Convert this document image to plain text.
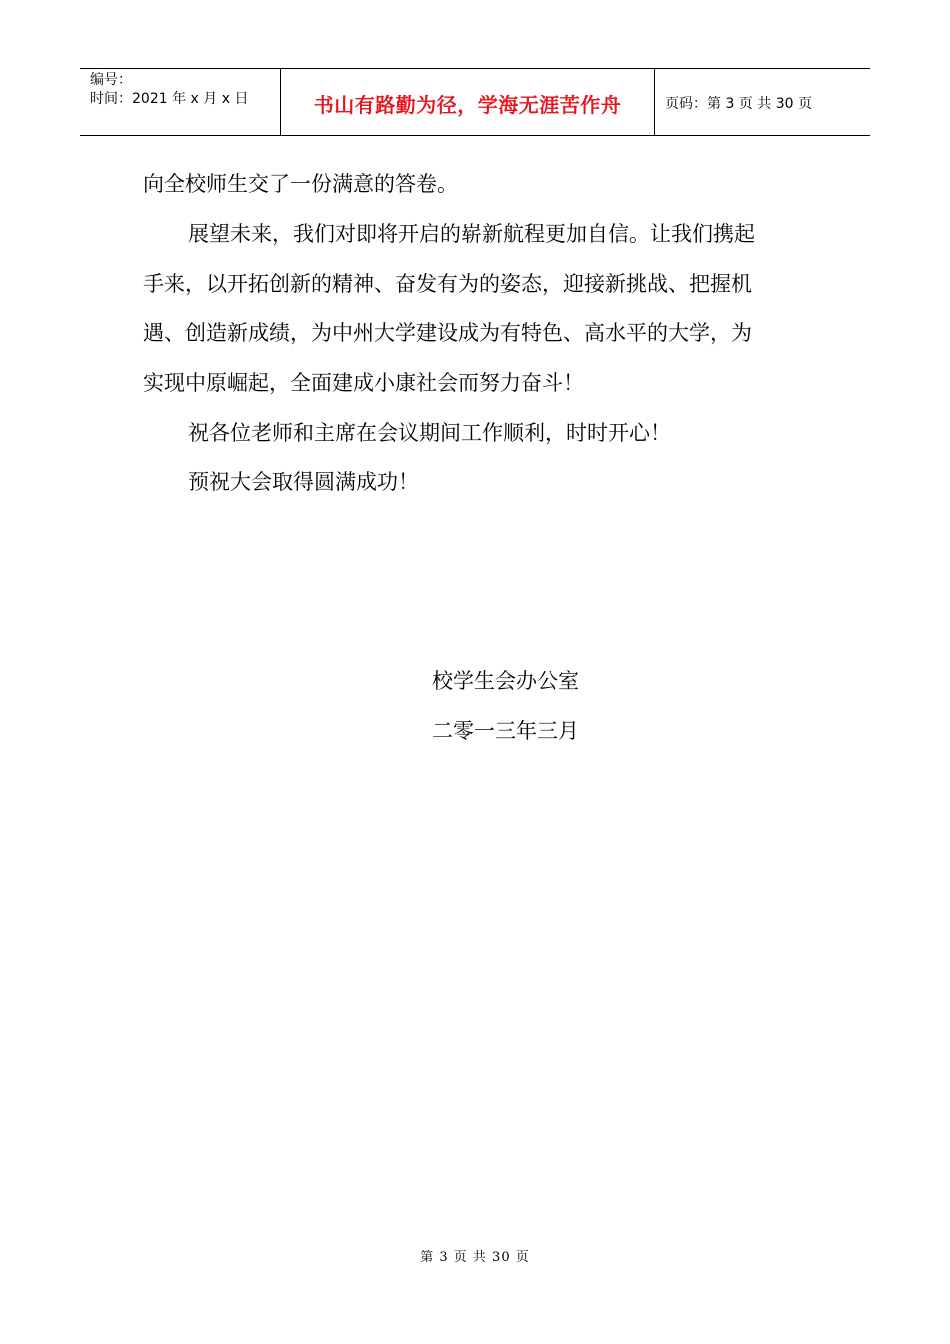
编号：
时间：2021 年 x 月 x 日	书山有路勤为径，学海无涯苦作舟	页码：第 3 页 共 30 页
向全校师生交了一份满意的答卷。
展望未来，我们对即将开启的崭新航程更加自信。让我们携起
手来，以开拓创新的精神、奋发有为的姿态，迎接新挑战、把握机
遇、创造新成绩，为中州大学建设成为有特色、高水平的大学，为
实现中原崛起，全面建成小康社会而努力奋斗！
祝各位老师和主席在会议期间工作顺利，时时开心！
预祝大会取得圆满成功！
校学生会办公室
二零一三年三月
第 3 页 共 30 页
